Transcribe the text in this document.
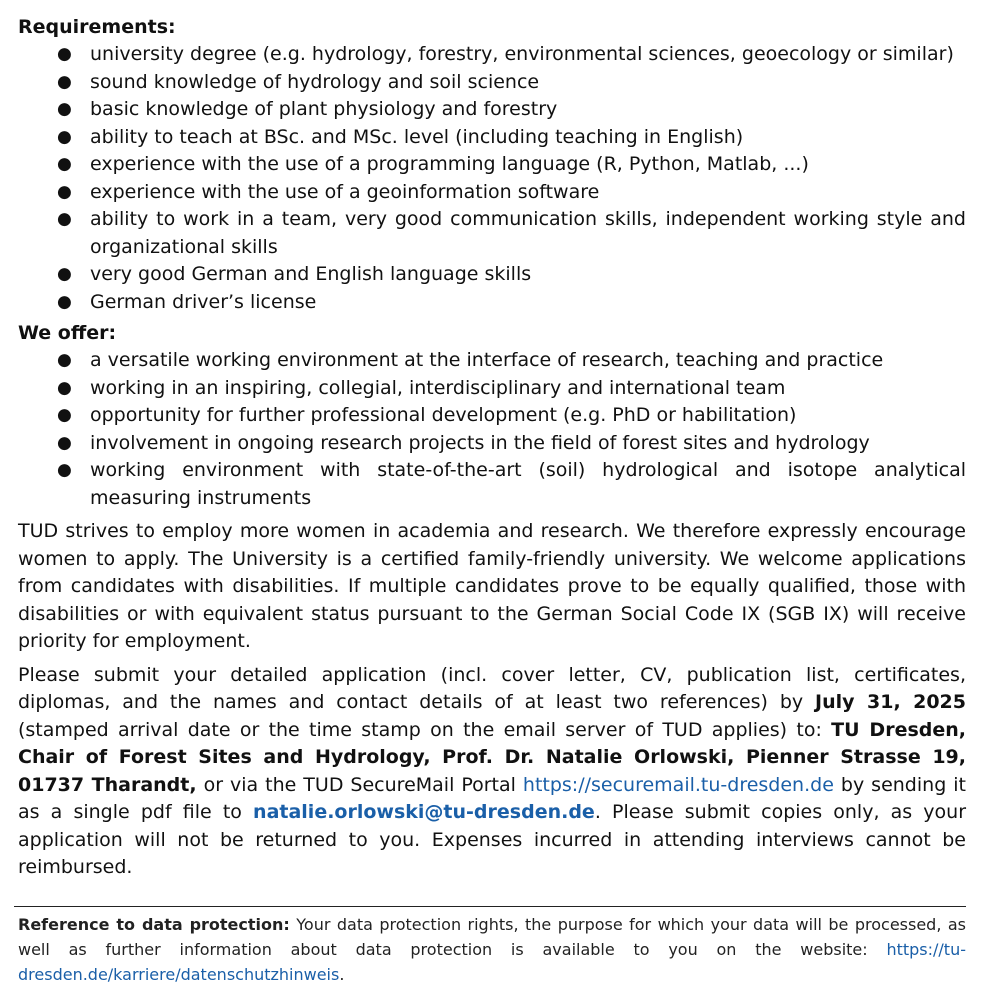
Requirements:
● university degree (e.g. hydrology, forestry, environmental sciences, geoecology or similar)
● sound knowledge of hydrology and soil science
● basic knowledge of plant physiology and forestry
● ability to teach at BSc. and MSc. level (including teaching in English)
● experience with the use of a programming language (R, Python, Matlab, ...)
● experience with the use of a geoinformation software
● ability to work in a team, very good communication skills, independent working style and organizational skills
● very good German and English language skills
● German driver’s license
We offer:
● a versatile working environment at the interface of research, teaching and practice
● working in an inspiring, collegial, interdisciplinary and international team
● opportunity for further professional development (e.g. PhD or habilitation)
● involvement in ongoing research projects in the field of forest sites and hydrology
● working environment with state-of-the-art (soil) hydrological and isotope analytical measuring instruments

TUD strives to employ more women in academia and research. We therefore expressly encourage women to apply. The University is a certified family-friendly university. We welcome applications from candidates with disabilities. If multiple candidates prove to be equally qualified, those with disabilities or with equivalent status pursuant to the German Social Code IX (SGB IX) will receive priority for employment.

Please submit your detailed application (incl. cover letter, CV, publication list, certificates, diplomas, and the names and contact details of at least two references) by July 31, 2025 (stamped arrival date or the time stamp on the email server of TUD applies) to: TU Dresden, Chair of Forest Sites and Hydrology, Prof. Dr. Natalie Orlowski, Pienner Strasse 19, 01737 Tharandt, or via the TUD SecureMail Portal https://securemail.tu-dresden.de by sending it as a single pdf file to natalie.orlowski@tu-dresden.de. Please submit copies only, as your application will not be returned to you. Expenses incurred in attending interviews cannot be reimbursed.

Reference to data protection: Your data protection rights, the purpose for which your data will be processed, as well as further information about data protection is available to you on the website: https://tu-dresden.de/karriere/datenschutzhinweis.
